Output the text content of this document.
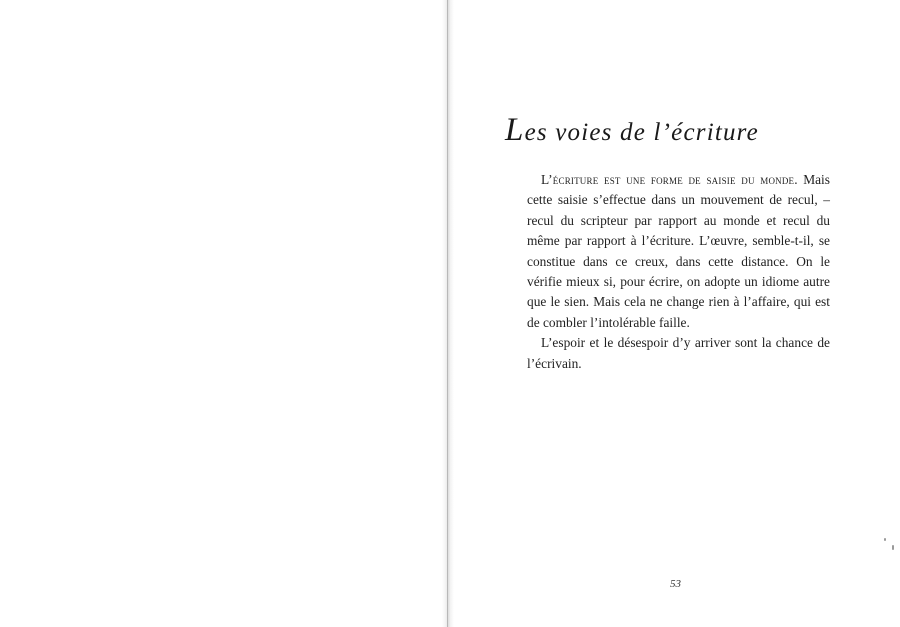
Les voies de l’écriture

L’écriture est une forme de saisie du monde. Mais cette saisie s’effectue dans un mouvement de recul, – recul du scripteur par rapport au monde et recul du même par rapport à l’écriture. L’œuvre, semble-t-il, se constitue dans ce creux, dans cette distance. On le vérifie mieux si, pour écrire, on adopte un idiome autre que le sien. Mais cela ne change rien à l’affaire, qui est de combler l’intolérable faille.

L’espoir et le désespoir d’y arriver sont la chance de l’écrivain.

53
